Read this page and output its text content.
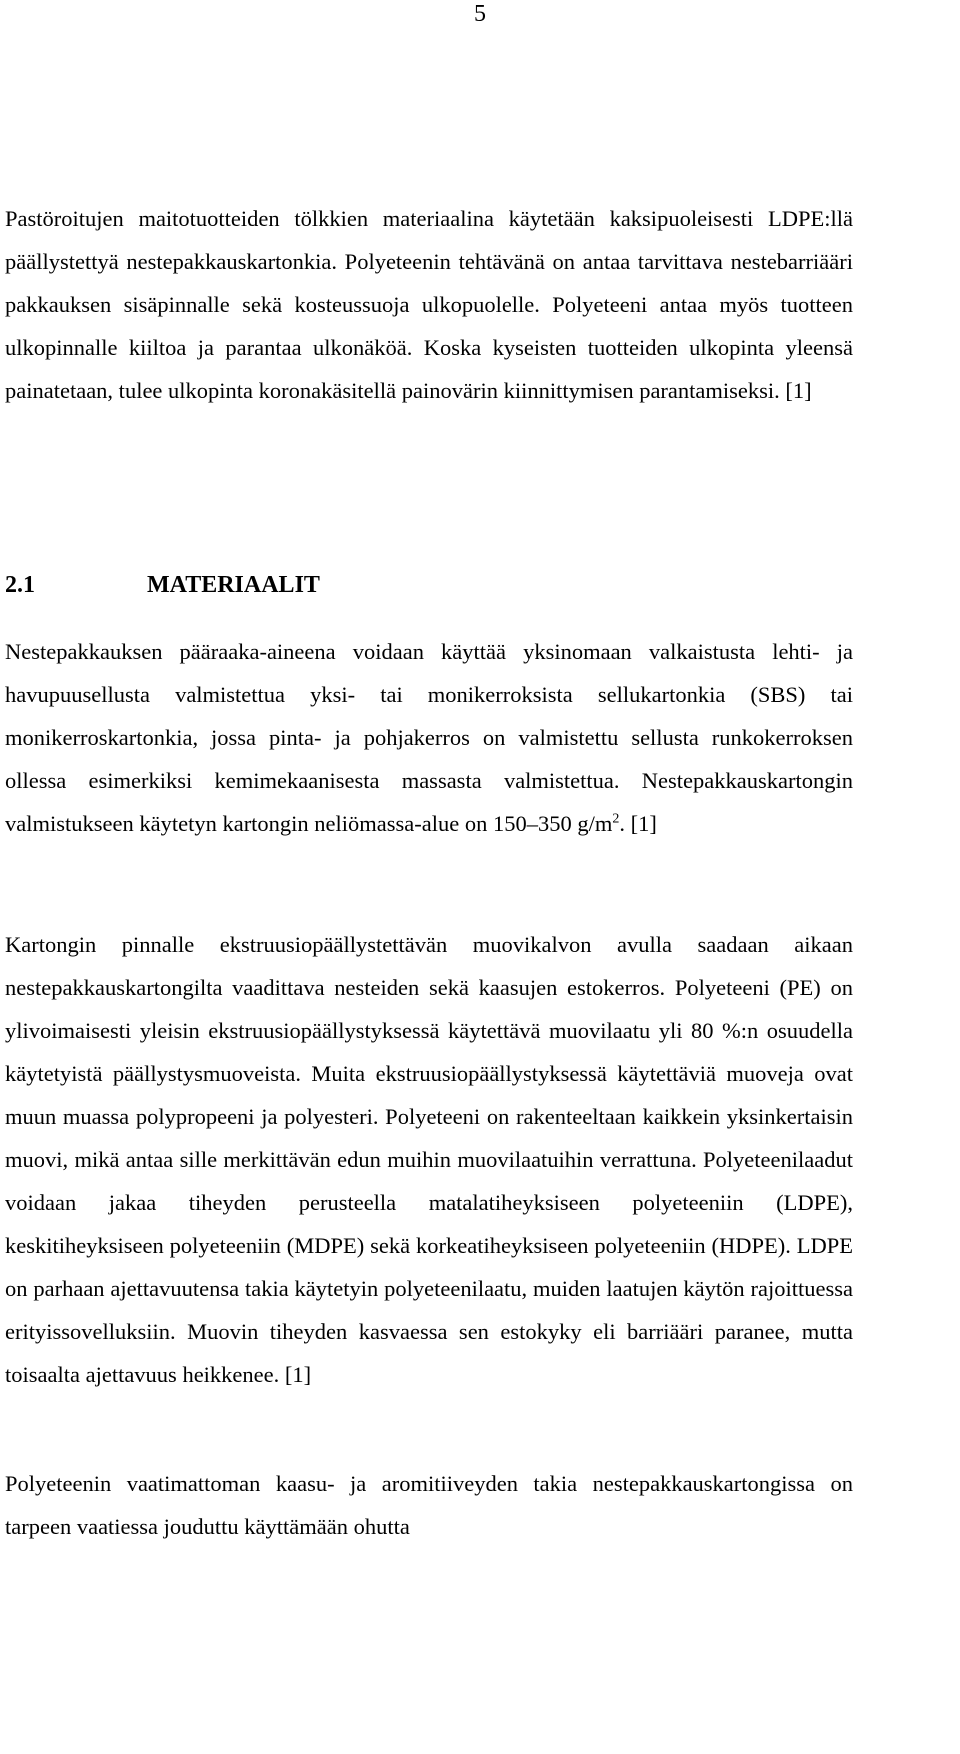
5

Pastöroitujen maitotuotteiden tölkkien materiaalina käytetään kaksipuoleisesti LDPE:llä päällystettyä nestepakkauskartonkia. Polyeteenin tehtävänä on antaa tarvittava nestebarriääri pakkauksen sisäpinnalle sekä kosteussuoja ulkopuolelle. Polyeteeni antaa myös tuotteen ulkopinnalle kiiltoa ja parantaa ulkonäköä. Koska kyseisten tuotteiden ulkopinta yleensä painatetaan, tulee ulkopinta koronakäsitellä painovärin kiinnittymisen parantamiseksi. [1]

2.1	MATERIAALIT

Nestepakkauksen pääraaka-aineena voidaan käyttää yksinomaan valkaistusta lehti- ja havupuusellusta valmistettua yksi- tai monikerroksista sellukartonkia (SBS) tai monikerroskartonkia, jossa pinta- ja pohjakerros on valmistettu sellusta runkokerroksen ollessa esimerkiksi kemimekaanisesta massasta valmistettua. Nestepakkauskartongin valmistukseen käytetyn kartongin neliömassa-alue on 150–350 $g/m^2$. [1]

Kartongin pinnalle ekstruusiopäällystettävän muovikalvon avulla saadaan aikaan nestepakkauskartongilta vaadittava nesteiden sekä kaasujen estokerros. Polyeteeni (PE) on ylivoimaisesti yleisin ekstruusiopäällystyksessä käytettävä muovilaatu yli 80 %:n osuudella käytetyistä päällystysmuoveista. Muita ekstruusiopäällystyksessä käytettäviä muoveja ovat muun muassa polypropeeni ja polyesteri. Polyeteeni on rakenteeltaan kaikkein yksinkertaisin muovi, mikä antaa sille merkittävän edun muihin muovilaatuihin verrattuna. Polyeteenilaadut voidaan jakaa tiheyden perusteella matalatiheyksiseen polyeteeniin (LDPE), keskitiheyksiseen polyeteeniin (MDPE) sekä korkeatiheyksiseen polyeteeniin (HDPE). LDPE on parhaan ajettavuutensa takia käytetyin polyeteenilaatu, muiden laatujen käytön rajoittuessa erityissovelluksiin. Muovin tiheyden kasvaessa sen estokyky eli barriääri paranee, mutta toisaalta ajettavuus heikkenee. [1]

Polyeteenin vaatimattoman kaasu- ja aromitiiveyden takia nestepakkauskartongissa on tarpeen vaatiessa jouduttu käyttämään ohutta
